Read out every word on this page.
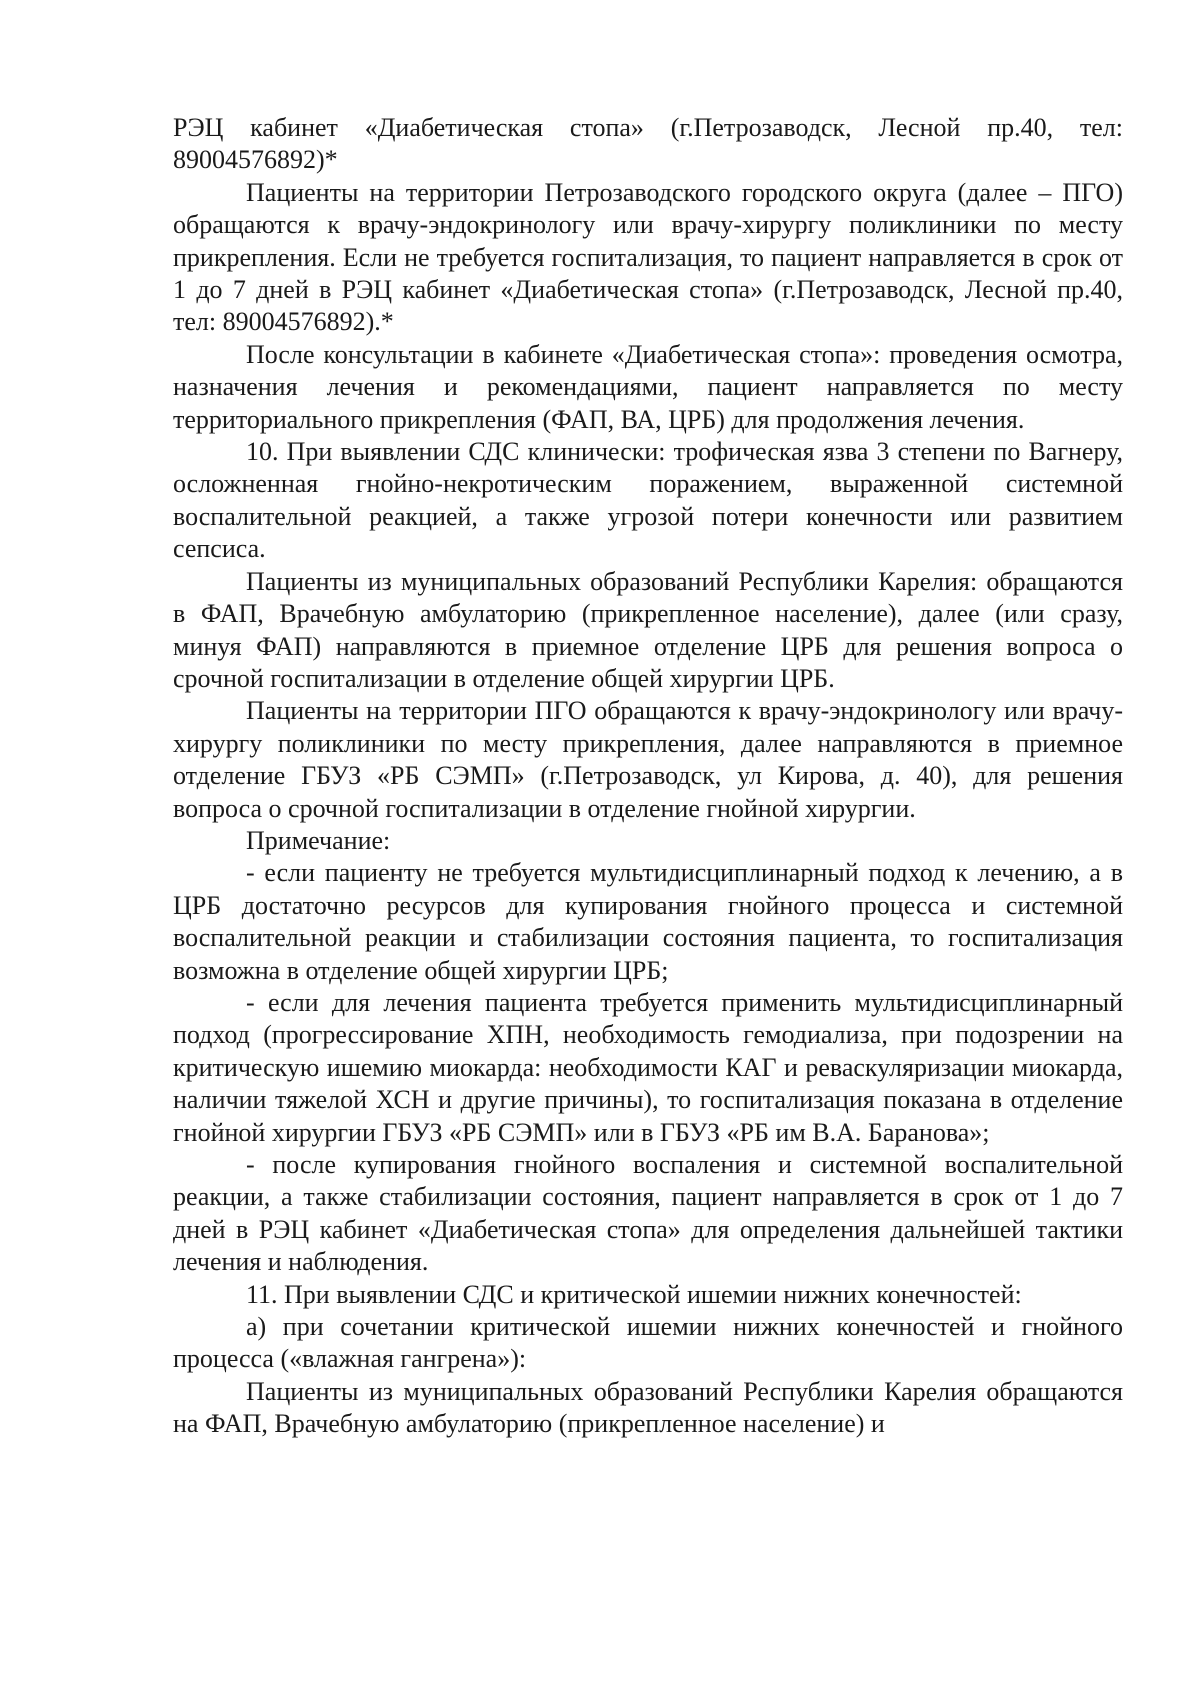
РЭЦ кабинет «Диабетическая стопа» (г.Петрозаводск, Лесной пр.40, тел: 89004576892)*

Пациенты на территории Петрозаводского городского округа (далее – ПГО) обращаются к врачу-эндокринологу или врачу-хирургу поликлиники по месту прикрепления. Если не требуется госпитализация, то пациент направляется в срок от 1 до 7 дней в РЭЦ кабинет «Диабетическая стопа» (г.Петрозаводск, Лесной пр.40, тел: 89004576892).*

После консультации в кабинете «Диабетическая стопа»: проведения осмотра, назначения лечения и рекомендациями, пациент направляется по месту территориального прикрепления (ФАП, ВА, ЦРБ) для продолжения лечения.

10. При выявлении СДС клинически: трофическая язва 3 степени по Вагнеру, осложненная гнойно-некротическим поражением, выраженной системной воспалительной реакцией, а также угрозой потери конечности или развитием сепсиса.

Пациенты из муниципальных образований Республики Карелия: обращаются в ФАП, Врачебную амбулаторию (прикрепленное население), далее (или сразу, минуя ФАП) направляются в приемное отделение ЦРБ для решения вопроса о срочной госпитализации в отделение общей хирургии ЦРБ.

Пациенты на территории ПГО обращаются к врачу-эндокринологу или врачу-хирургу поликлиники по месту прикрепления, далее направляются в приемное отделение ГБУЗ «РБ СЭМП» (г.Петрозаводск, ул Кирова, д. 40), для решения вопроса о срочной госпитализации в отделение гнойной хирургии.

Примечание:

- если пациенту не требуется мультидисциплинарный подход к лечению, а в ЦРБ достаточно ресурсов для купирования гнойного процесса и системной воспалительной реакции и стабилизации состояния пациента, то госпитализация возможна в отделение общей хирургии ЦРБ;

- если для лечения пациента требуется применить мультидисциплинарный подход (прогрессирование ХПН, необходимость гемодиализа, при подозрении на критическую ишемию миокарда: необходимости КАГ и реваскуляризации миокарда, наличии тяжелой ХСН и другие причины), то госпитализация показана в отделение гнойной хирургии ГБУЗ «РБ СЭМП» или в ГБУЗ «РБ им В.А. Баранова»;

- после купирования гнойного воспаления и системной воспалительной реакции, а также стабилизации состояния, пациент направляется в срок от 1 до 7 дней в РЭЦ кабинет «Диабетическая стопа» для определения дальнейшей тактики лечения и наблюдения.

11. При выявлении СДС и критической ишемии нижних конечностей:

а) при сочетании критической ишемии нижних конечностей и гнойного процесса («влажная гангрена»):

Пациенты из муниципальных образований Республики Карелия обращаются на ФАП, Врачебную амбулаторию (прикрепленное население) и
